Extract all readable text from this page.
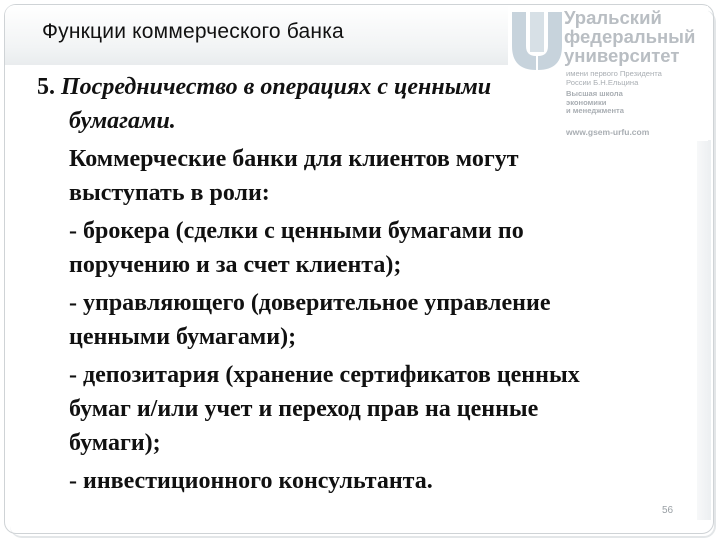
Функции коммерческого банка
Уральский
федеральный
университет
имени первого Президента
России Б.Н.Ельцина
Высшая школа
экономики
и менеджмента
www.gsem-urfu.com

5. Посредничество в операциях с ценными

бумагами.

Коммерческие банки для клиентов могут

выступать в роли:

- брокера (сделки с ценными бумагами по

поручению и за счет клиента);

- управляющего (доверительное управление

ценными бумагами);

- депозитария (хранение сертификатов ценных

бумаг и/или учет и переход прав на ценные

бумаги);

- инвестиционного консультанта.

56
